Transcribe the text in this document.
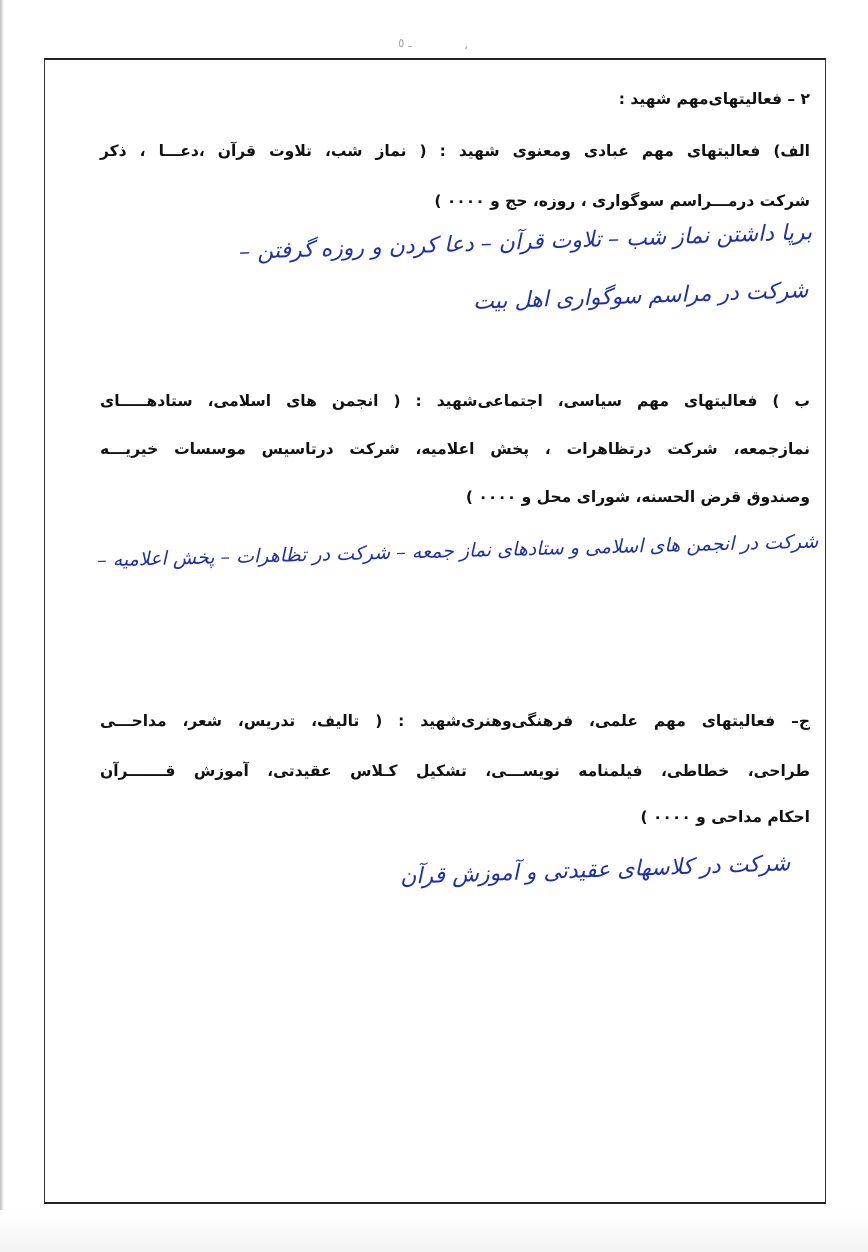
ـ ٥	،
۲ – فعالیتهای‌مهم شهید :
الف) فعالیتهای مهم عبادی ومعنوی شهید : ( نماز شب، تلاوت قرآن ،دعـــا ، ذکر
شرکت درمـــراسم سوگواری ، روزه، حج و ۰۰۰۰ )
برپا داشتن نماز شب – تلاوت قرآن – دعا کردن و روزه گرفتن –
شرکت در مراسم سوگواری اهل بیت
ب ) فعالیتهای مهم سیاسی، اجتماعی‌شهید : ( انجمن های اسلامی، ستادهـــــای
نمازجمعه، شرکت درتظاهرات ، پخش اعلامیه، شرکت درتاسیس موسسات خیریـــه
وصندوق قرض الحسنه، شورای محل و ۰۰۰۰ )
شرکت در انجمن های اسلامی و ستادهای نماز جمعه – شرکت در تظاهرات – پخش اعلامیه –
ج– فعالیتهای مهم علمی، فرهنگی‌وهنری‌شهید : ( تالیف، تدریس، شعر، مداحـــی
طراحی، خطاطی، فیلمنامه نویســـی، تشکیل کـلاس عقیدتی، آموزش قـــــــرآن
احکام مداحی و ۰۰۰۰ )
شرکت در کلاسهای عقیدتی و آموزش قرآن
